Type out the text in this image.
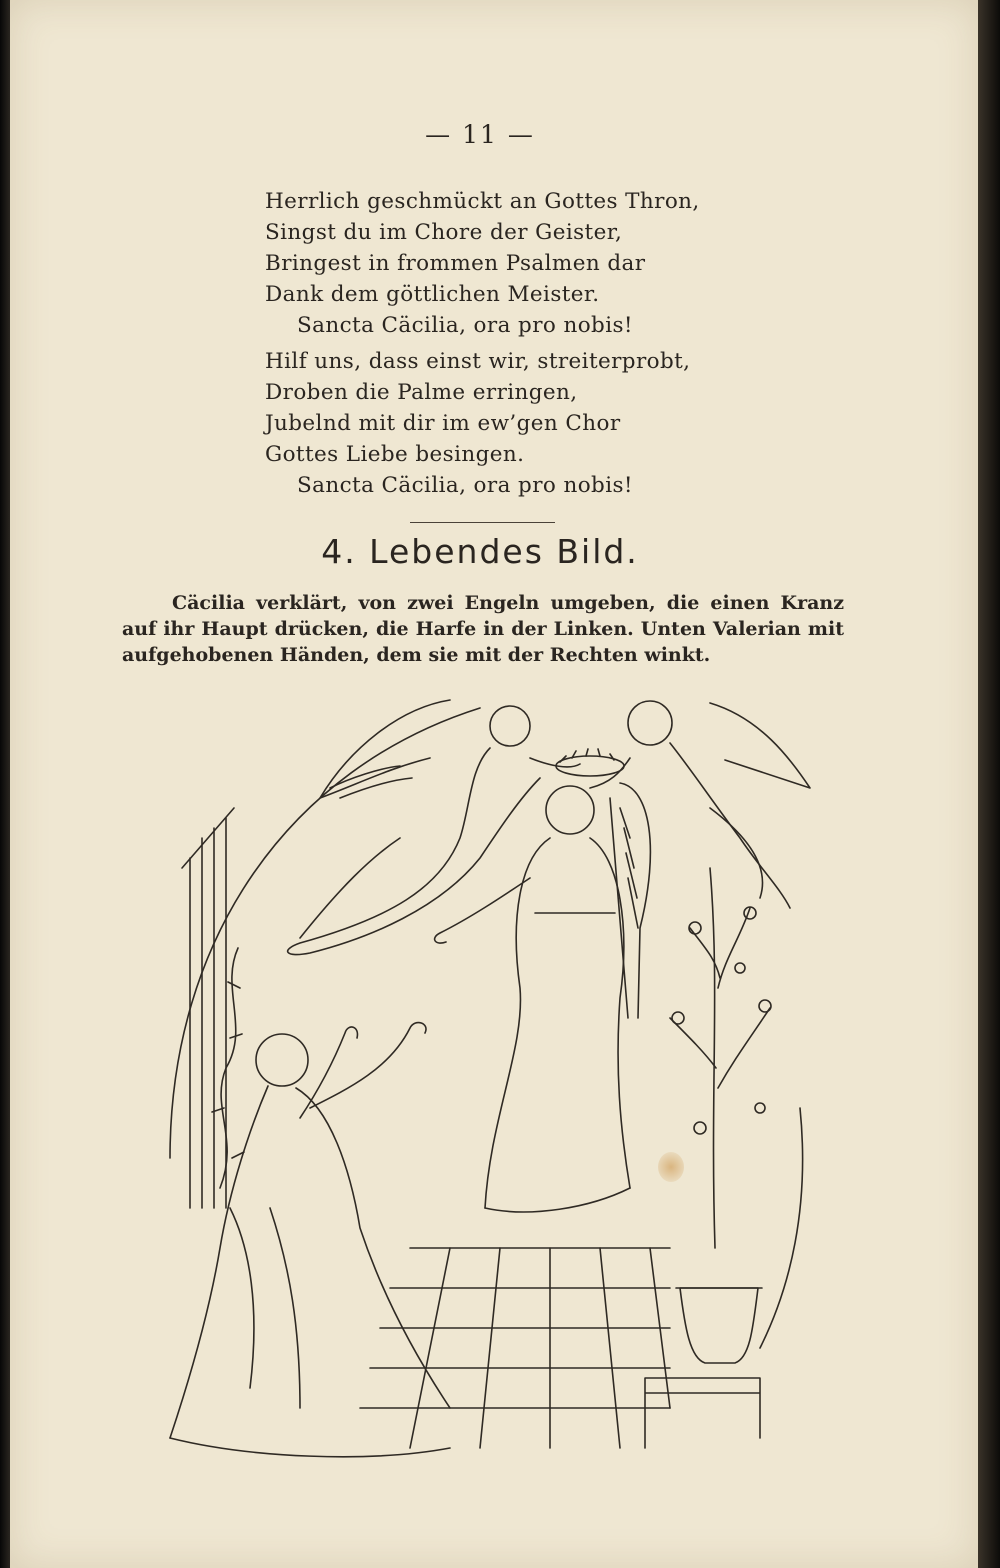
— 11 —
Herrlich geschmückt an Gottes Thron,
Singst du im Chore der Geister,
Bringest in frommen Psalmen dar
Dank dem göttlichen Meister.
Sancta Cäcilia, ora pro nobis!
Hilf uns, dass einst wir, streiterprobt,
Droben die Palme erringen,
Jubelnd mit dir im ew’gen Chor
Gottes Liebe besingen.
Sancta Cäcilia, ora pro nobis!
4. Lebendes Bild.
Cäcilia verklärt, von zwei Engeln umgeben, die einen Kranz auf ihr Haupt drücken, die Harfe in der Linken. Unten Valerian mit aufgehobenen Händen, dem sie mit der Rechten winkt.
